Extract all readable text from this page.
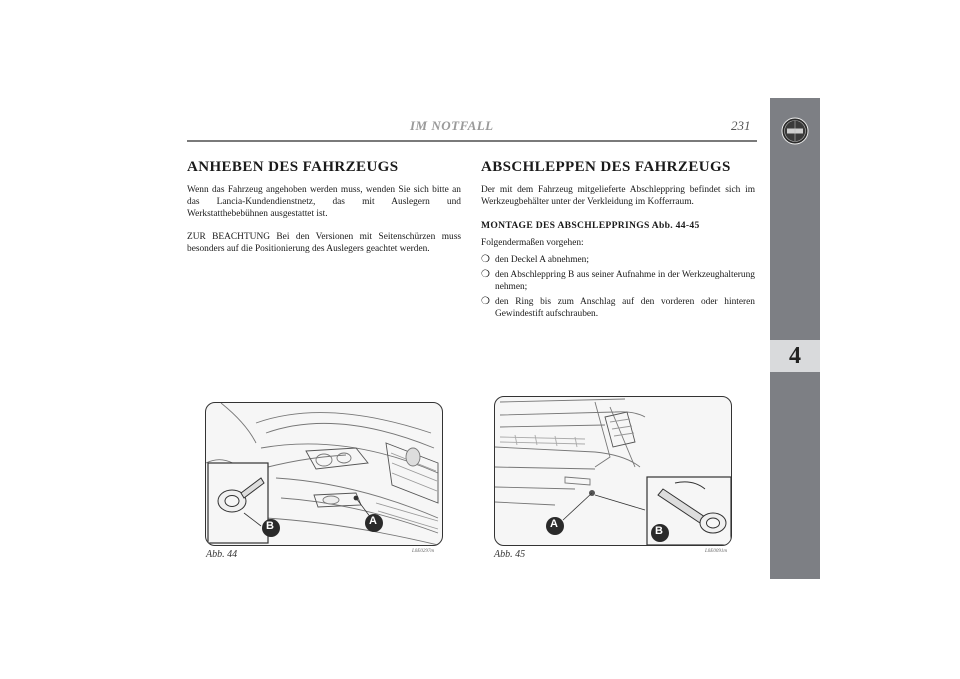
IM NOTFALL	231
4
ANHEBEN DES FAHRZEUGS

Wenn das Fahrzeug angehoben werden muss, wenden Sie sich bitte an das Lancia-Kundendienstnetz, das mit Auslegern und Werkstatthebebühnen ausgestattet ist.

ZUR BEACHTUNG Bei den Versionen mit Seitenschürzen muss besonders auf die Positionierung des Auslegers geachtet werden.

ABSCHLEPPEN DES FAHRZEUGS

Der mit dem Fahrzeug mitgelieferte Abschleppring befindet sich im Werkzeugbehälter unter der Verkleidung im Kofferraum.

MONTAGE DES ABSCHLEPPRINGS Abb. 44-45

Folgendermaßen vorgehen:

❍ den Deckel A abnehmen;
❍ den Abschleppring B aus seiner Aufnahme in der Werkzeughalterung nehmen;
❍ den Ring bis zum Anschlag auf den vorderen oder hinteren Gewindestift aufschrauben.
B	A
Abb. 44	L0E0297m
A
B
Abb. 45	L0E0091m
